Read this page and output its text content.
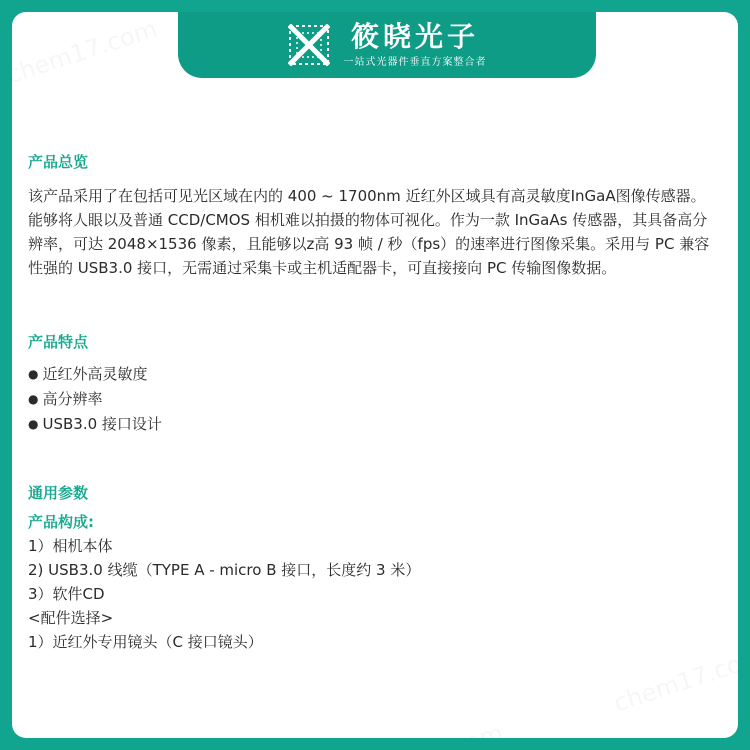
筱晓光子
一站式光器件垂直方案整合者
产品总览

该产品采用了在包括可见光区域在内的 400 ~ 1700nm 近红外区域具有高灵敏度InGaA图像传感器。能够将人眼以及普通 CCD/CMOS 相机难以拍摄的物体可视化。作为一款 InGaAs 传感器，其具备高分辨率，可达 2048×1536 像素，且能够以z高 93 帧 / 秒（fps）的速率进行图像采集。采用与 PC 兼容性强的 USB3.0 接口，无需通过采集卡或主机适配器卡，可直接接向 PC 传输图像数据。

产品特点
● 近红外高灵敏度
● 高分辨率
● USB3.0 接口设计
通用参数
产品构成:
1）相机本体
2) USB3.0 线缆（TYPE A - micro B 接口，长度约 3 米）
3）软件CD
<配件选择>
1）近红外专用镜头（C 接口镜头）
